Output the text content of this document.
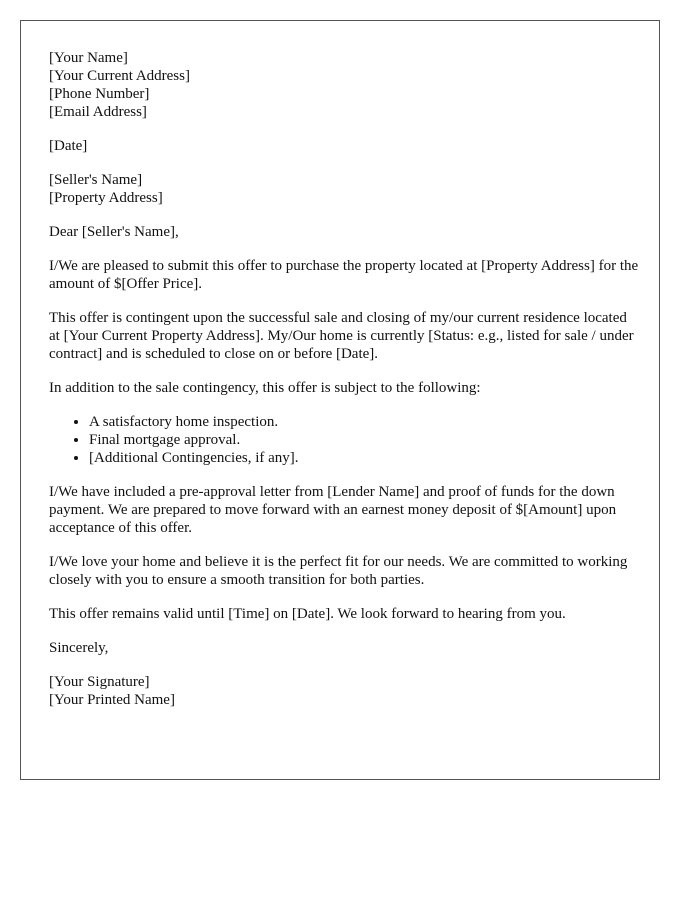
[Your Name]
[Your Current Address]
[Phone Number]
[Email Address]
[Date]
[Seller's Name]
[Property Address]

Dear [Seller's Name],

I/We are pleased to submit this offer to purchase the property located at [Property Address] for the amount of $[Offer Price].

This offer is contingent upon the successful sale and closing of my/our current residence located at [Your Current Property Address]. My/Our home is currently [Status: e.g., listed for sale / under contract] and is scheduled to close on or before [Date].

In addition to the sale contingency, this offer is subject to the following:

• A satisfactory home inspection.
• Final mortgage approval.
• [Additional Contingencies, if any].

I/We have included a pre-approval letter from [Lender Name] and proof of funds for the down payment. We are prepared to move forward with an earnest money deposit of $[Amount] upon acceptance of this offer.

I/We love your home and believe it is the perfect fit for our needs. We are committed to working closely with you to ensure a smooth transition for both parties.

This offer remains valid until [Time] on [Date]. We look forward to hearing from you.

Sincerely,

[Your Signature]
[Your Printed Name]
